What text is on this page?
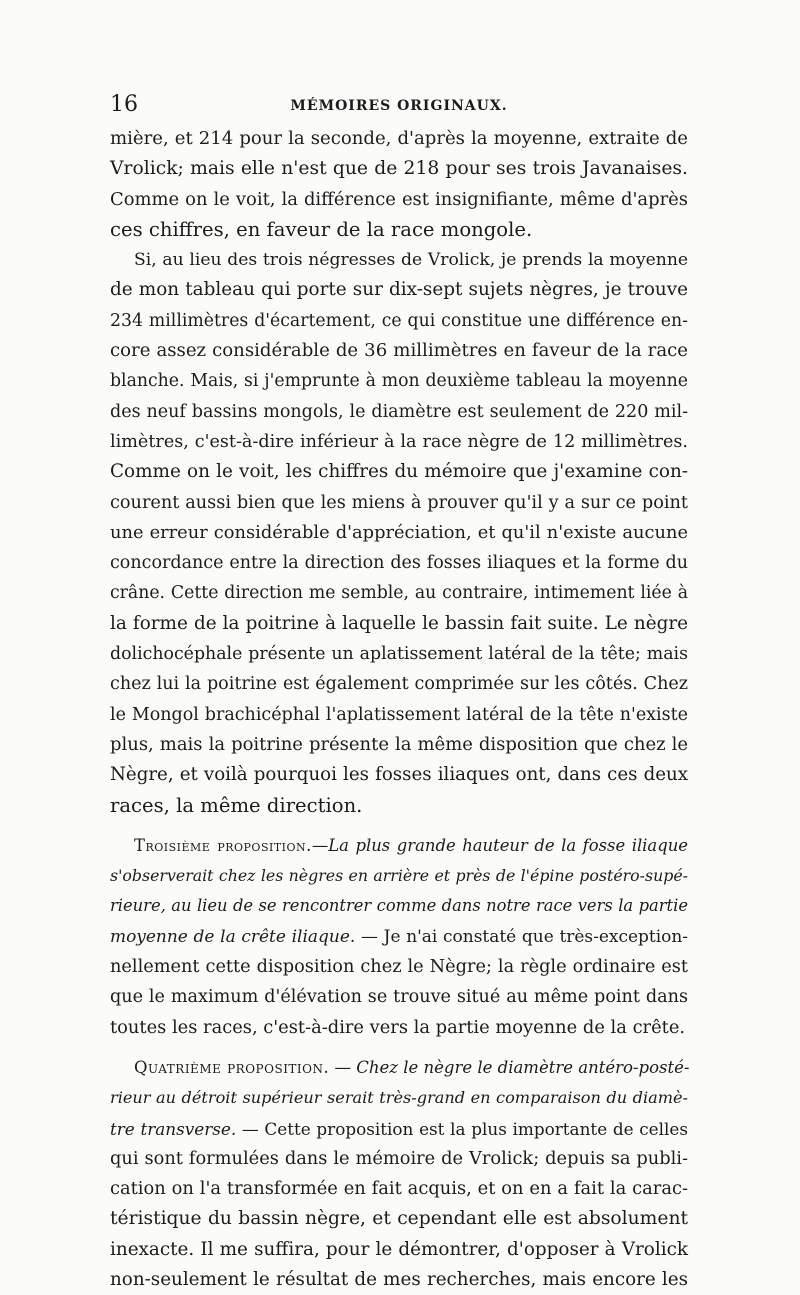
16	MÉMOIRES ORIGINAUX.

mière, et 214 pour la seconde, d'après la moyenne, extraite de

Vrolick; mais elle n'est que de 218 pour ses trois Javanaises.

Comme on le voit, la différence est insignifiante, même d'après

ces chiffres, en faveur de la race mongole.

Si, au lieu des trois négresses de Vrolick, je prends la moyenne

de mon tableau qui porte sur dix-sept sujets nègres, je trouve

234 millimètres d'écartement, ce qui constitue une différence en-

core assez considérable de 36 millimètres en faveur de la race

blanche. Mais, si j'emprunte à mon deuxième tableau la moyenne

des neuf bassins mongols, le diamètre est seulement de 220 mil-

limètres, c'est-à-dire inférieur à la race nègre de 12 millimètres.

Comme on le voit, les chiffres du mémoire que j'examine con-

courent aussi bien que les miens à prouver qu'il y a sur ce point

une erreur considérable d'appréciation, et qu'il n'existe aucune

concordance entre la direction des fosses iliaques et la forme du

crâne. Cette direction me semble, au contraire, intimement liée à

la forme de la poitrine à laquelle le bassin fait suite. Le nègre

dolichocéphale présente un aplatissement latéral de la tête; mais

chez lui la poitrine est également comprimée sur les côtés. Chez

le Mongol brachicéphal l'aplatissement latéral de la tête n'existe

plus, mais la poitrine présente la même disposition que chez le

Nègre, et voilà pourquoi les fosses iliaques ont, dans ces deux

races, la même direction.

Troisième proposition.—La plus grande hauteur de la fosse iliaque

s'observerait chez les nègres en arrière et près de l'épine postéro-supé-

rieure, au lieu de se rencontrer comme dans notre race vers la partie

moyenne de la crête iliaque. — Je n'ai constaté que très-exception-

nellement cette disposition chez le Nègre; la règle ordinaire est

que le maximum d'élévation se trouve situé au même point dans

toutes les races, c'est-à-dire vers la partie moyenne de la crête.

Quatrième proposition. — Chez le nègre le diamètre antéro-posté-

rieur au détroit supérieur serait très-grand en comparaison du diamè-

tre transverse. — Cette proposition est la plus importante de celles

qui sont formulées dans le mémoire de Vrolick; depuis sa publi-

cation on l'a transformée en fait acquis, et on en a fait la carac-

téristique du bassin nègre, et cependant elle est absolument

inexacte. Il me suffira, pour le démontrer, d'opposer à Vrolick

non-seulement le résultat de mes recherches, mais encore les
